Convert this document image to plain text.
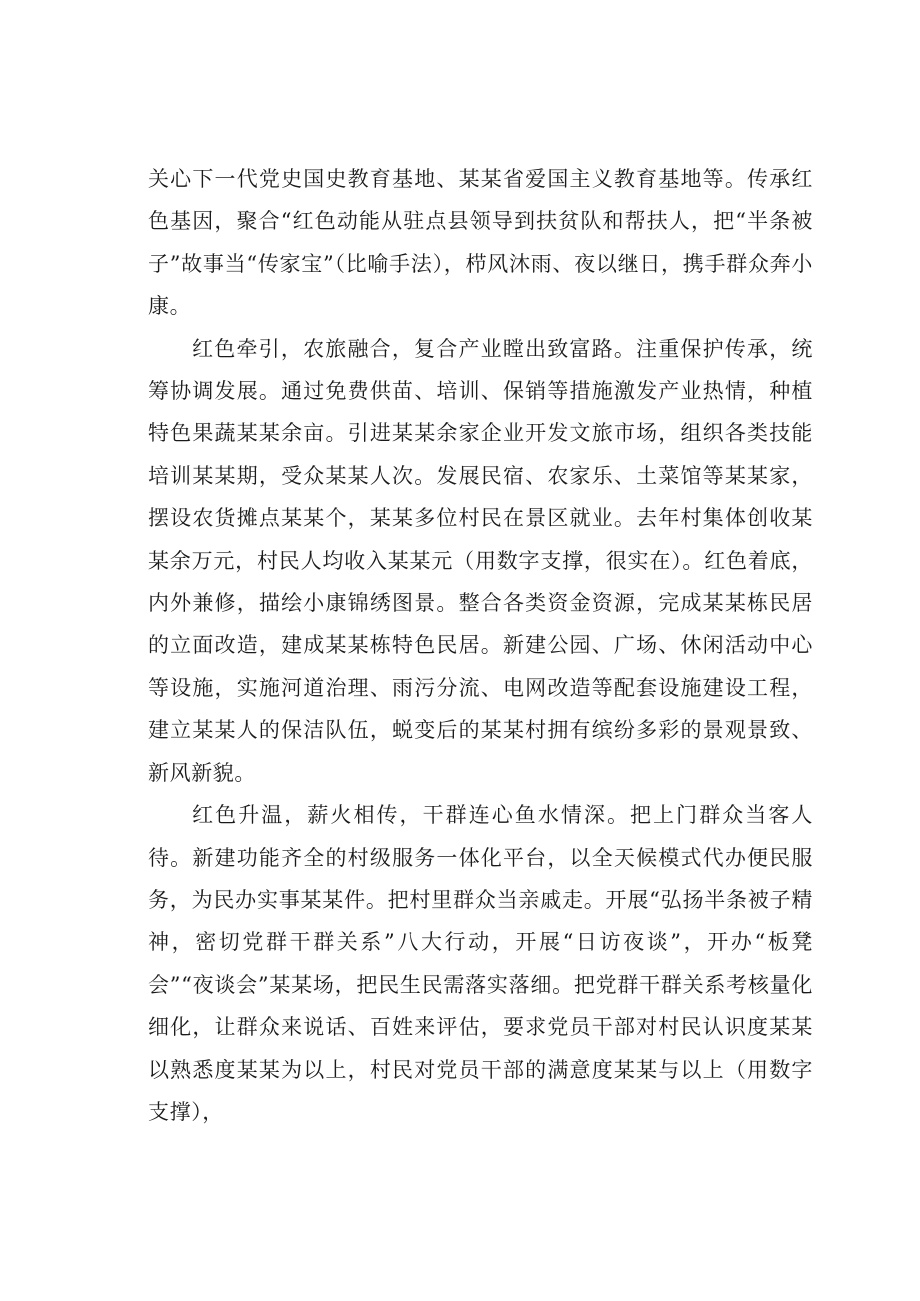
关心下一代党史国史教育基地、某某省爱国主义教育基地等。传承红色基因，聚合“红色动能从驻点县领导到扶贫队和帮扶人，把“半条被子”故事当“传家宝”（比喻手法），栉风沐雨、夜以继日，携手群众奔小康。

红色牵引，农旅融合，复合产业瞠出致富路。注重保护传承，统筹协调发展。通过免费供苗、培训、保销等措施激发产业热情，种植特色果蔬某某余亩。引进某某余家企业开发文旅市场，组织各类技能培训某某期，受众某某人次。发展民宿、农家乐、土菜馆等某某家，摆设农货摊点某某个，某某多位村民在景区就业。去年村集体创收某某余万元，村民人均收入某某元（用数字支撑，很实在）。红色着底，内外兼修，描绘小康锦绣图景。整合各类资金资源，完成某某栋民居的立面改造，建成某某栋特色民居。新建公园、广场、休闲活动中心等设施，实施河道治理、雨污分流、电网改造等配套设施建设工程，建立某某人的保洁队伍，蜕变后的某某村拥有缤纷多彩的景观景致、新风新貌。

红色升温，薪火相传，干群连心鱼水情深。把上门群众当客人待。新建功能齐全的村级服务一体化平台，以全天候模式代办便民服务，为民办实事某某件。把村里群众当亲戚走。开展“弘扬半条被子精神，密切党群干群关系”八大行动，开展“日访夜谈”，开办“板凳会”“夜谈会”某某场，把民生民需落实落细。把党群干群关系考核量化细化，让群众来说话、百姓来评估，要求党员干部对村民认识度某某以熟悉度某某为以上，村民对党员干部的满意度某某与以上（用数字支撑），
